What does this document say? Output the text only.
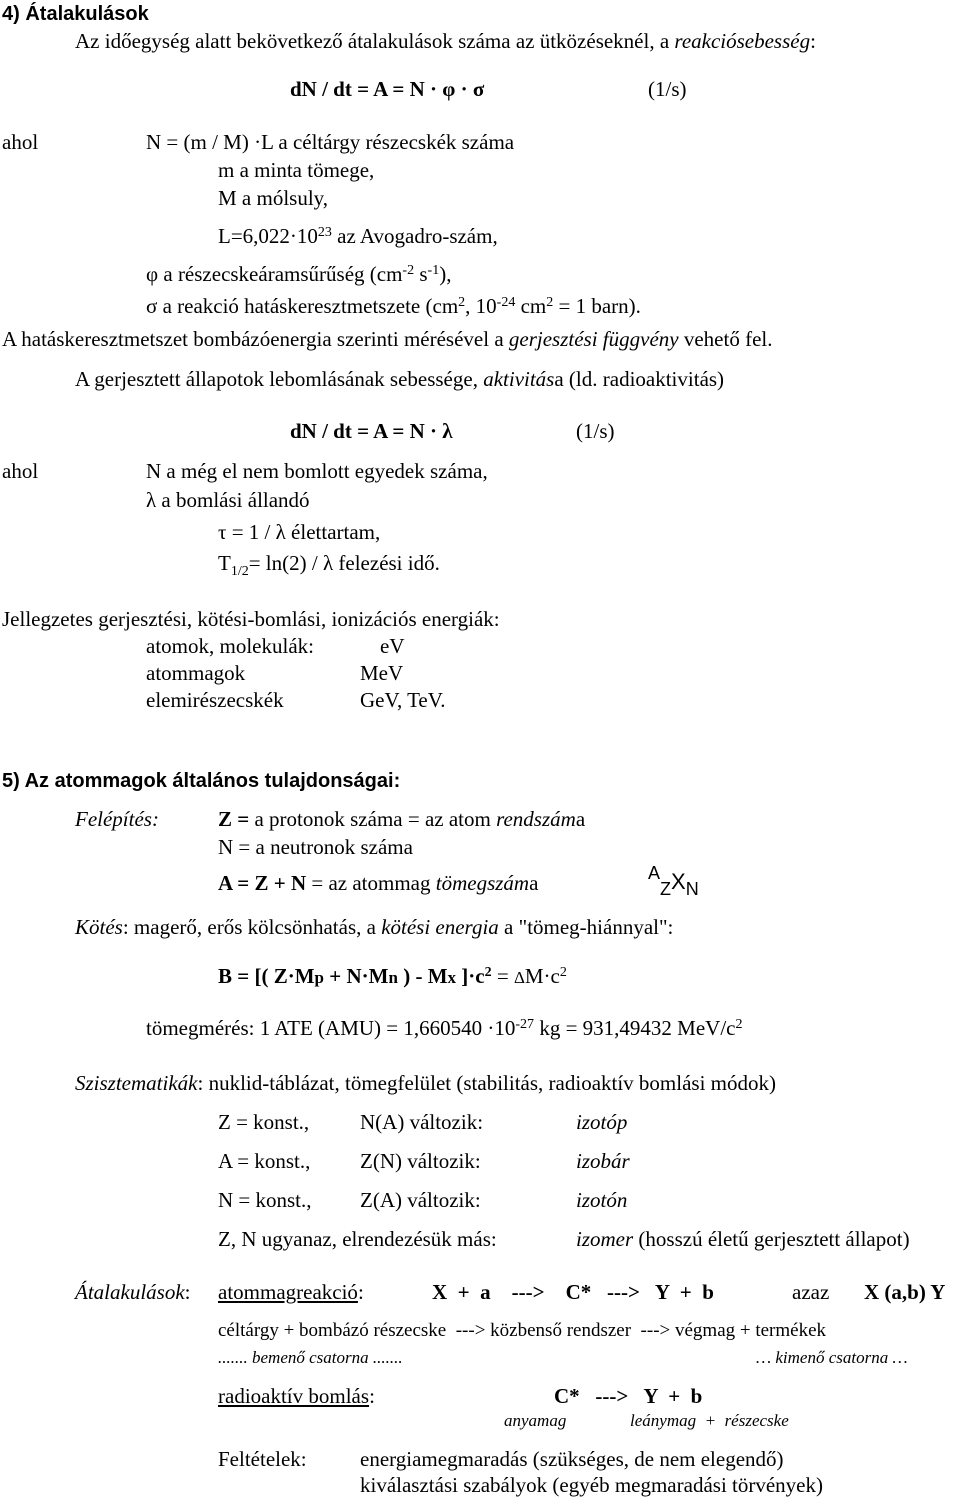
4) Átalakulások
Az időegység alatt bekövetkező átalakulások száma az ütközéseknél, a reakciósebesség:
dN / dt = A = N · φ · σ	(1/s)
ahol	N = (m / M) ·L a céltárgy részecskék száma
m a minta tömege,
M a mólsuly,
$L=6,022\cdot 10^{23}$ az Avogadro-szám,
φ a részecskeáramsűrűség ($cm^{-2}$ $s^{-1}$),
σ a reakció hatáskeresztmetszete ($cm^2$, $10^{-24}$ $cm^2 = 1$ barn).
A hatáskeresztmetszet bombázóenergia szerinti mérésével a gerjesztési függvény vehető fel.
A gerjesztett állapotok lebomlásának sebessége, aktivitása (ld. radioaktivitás)
dN / dt = A = N · λ	(1/s)
ahol	N a még el nem bomlott egyedek száma,
λ a bomlási állandó
τ = 1 / λ élettartam,
$T_{1/2}= \ln(2) / \lambda$ felezési idő.
Jellegzetes gerjesztési, kötési-bomlási, ionizációs energiák:
atomok, molekulák:	eV
atommagok	MeV
elemirészecskék	GeV, TeV.
5) Az atommagok általános tulajdonságai:
Felépítés:	Z = a protonok száma = az atom rendszáma
N = a neutronok száma
A = Z + N = az atommag tömegszáma	AZXN
Kötés: magerő, erős kölcsönhatás, a kötési energia a "tömeg-hiánnyal":
B = [( Z·Mp + N·Mn ) - Mx ]$\cdot c^2 = \Delta M\cdot c^2$
tömegmérés: 1 ATE $(AMU) = 1,660540 \cdot 10^{-27}$ kg = 931,49432 MeV/$c^2$
Szisztematikák: nuklid-táblázat, tömegfelület (stabilitás, radioaktív bomlási módok)
Z = konst., N(A) változik:	izotóp
A = konst., Z(N) változik:	izobár
N = konst., Z(A) változik:	izotón
Z, N ugyanaz, elrendezésük más:	izomer (hosszú életű gerjesztett állapot)
Átalakulások: atommagreakció:	X  +  a    --->    C*   --->   Y  +  b	azaz X (a,b) Y
céltárgy + bombázó részecske  ---> közbenső rendszer  ---> végmag + termékek
....... bemenő csatorna .......	… kimenő csatorna …
radioaktív bomlás:	C*   --->   Y  +  b
anyamag	leánymag  +  részecske
Feltételek:	energiamegmaradás (szükséges, de nem elegendő)
kiválasztási szabályok (egyéb megmaradási törvények)
